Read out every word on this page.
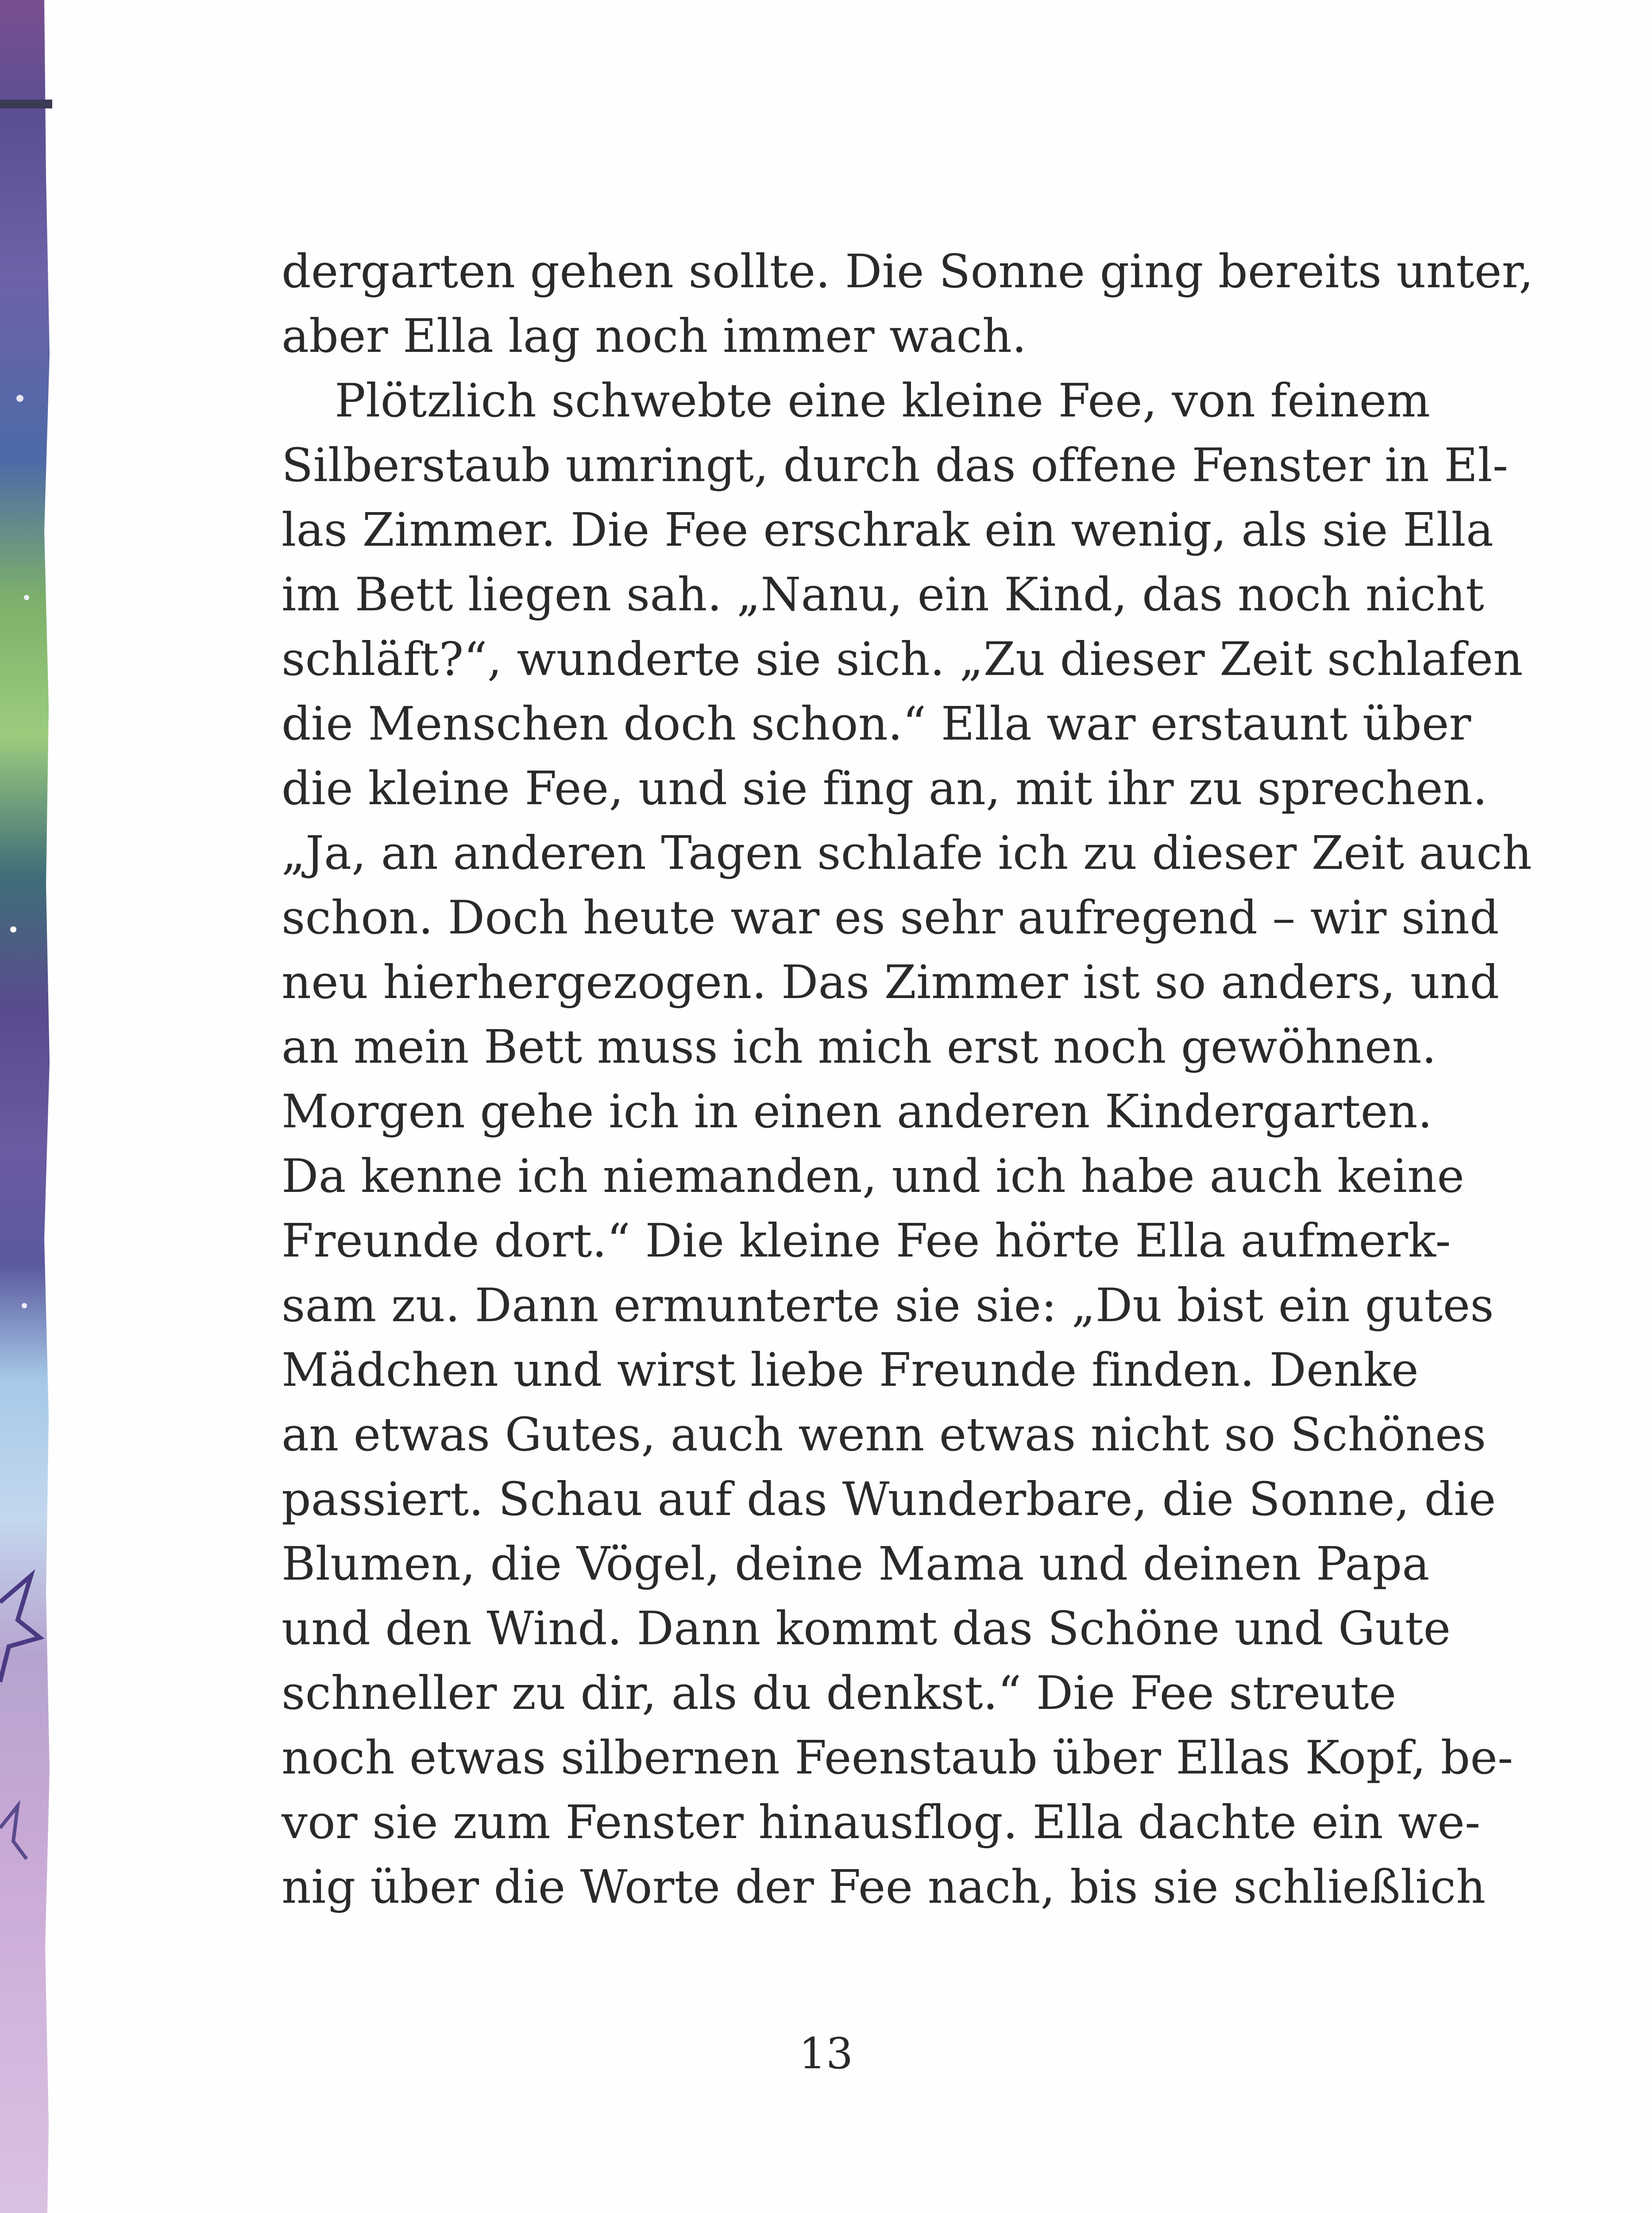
dergarten gehen sollte. Die Sonne ging bereits unter,
aber Ella lag noch immer wach.
Plötzlich schwebte eine kleine Fee, von feinem
Silberstaub umringt, durch das offene Fenster in El-
las Zimmer. Die Fee erschrak ein wenig, als sie Ella
im Bett liegen sah. „Nanu, ein Kind, das noch nicht
schläft?“, wunderte sie sich. „Zu dieser Zeit schlafen
die Menschen doch schon.“ Ella war erstaunt über
die kleine Fee, und sie fing an, mit ihr zu sprechen.
„Ja, an anderen Tagen schlafe ich zu dieser Zeit auch
schon. Doch heute war es sehr aufregend – wir sind
neu hierhergezogen. Das Zimmer ist so anders, und
an mein Bett muss ich mich erst noch gewöhnen.
Morgen gehe ich in einen anderen Kindergarten.
Da kenne ich niemanden, und ich habe auch keine
Freunde dort.“ Die kleine Fee hörte Ella aufmerk-
sam zu. Dann ermunterte sie sie: „Du bist ein gutes
Mädchen und wirst liebe Freunde finden. Denke
an etwas Gutes, auch wenn etwas nicht so Schönes
passiert. Schau auf das Wunderbare, die Sonne, die
Blumen, die Vögel, deine Mama und deinen Papa
und den Wind. Dann kommt das Schöne und Gute
schneller zu dir, als du denkst.“ Die Fee streute
noch etwas silbernen Feenstaub über Ellas Kopf, be-
vor sie zum Fenster hinausflog. Ella dachte ein we-
nig über die Worte der Fee nach, bis sie schließlich
13
